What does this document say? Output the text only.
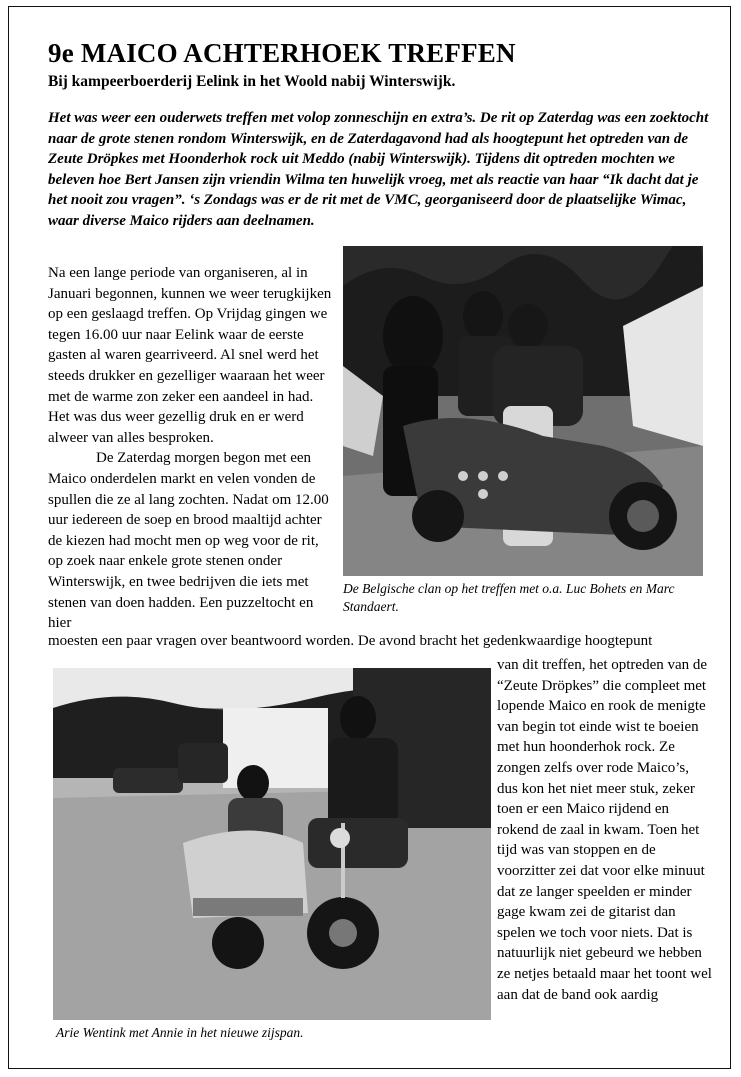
9e MAICO ACHTERHOEK TREFFEN
Bij kampeerboerderij Eelink in het Woold nabij Winterswijk.

Het was weer een ouderwets treffen met volop zonneschijn en extra’s. De rit op Zaterdag was een zoektocht naar de grote stenen rondom Winterswijk, en de Zaterdagavond had als hoogtepunt het optreden van de Zeute Dröpkes met Hoonderhok rock uit Meddo (nabij Winterswijk). Tijdens dit optreden mochten we beleven hoe Bert Jansen zijn vriendin Wilma ten huwelijk vroeg, met als reactie van haar “Ik dacht dat je het nooit zou vragen”. ‘s Zondags was er de rit met de VMC, georganiseerd door de plaatselijke Wimac, waar diverse Maico rijders aan deelnamen.

Na een lange periode van organiseren, al in Januari begonnen, kunnen we weer terugkijken op een geslaagd treffen. Op Vrijdag gingen we tegen 16.00 uur naar Eelink waar de eerste gasten al waren gearriveerd. Al snel werd het steeds drukker en gezelliger waaraan het weer met de warme zon zeker een aandeel in had. Het was dus weer gezellig druk en er werd alweer van alles besproken.

De Zaterdag morgen begon met een Maico onderdelen markt en velen vonden de spullen die ze al lang zochten. Nadat om 12.00 uur iedereen de soep en brood maaltijd achter de kiezen had mocht men op weg voor de rit, op zoek naar enkele grote stenen onder Winterswijk, en twee bedrijven die iets met stenen van doen hadden. Een puzzeltocht en hier

De Belgische clan op het treffen met o.a. Luc Bohets en Marc Standaert.

moesten een paar vragen over beantwoord worden. De avond bracht het gedenkwaardige hoogtepunt

Arie Wentink met Annie in het nieuwe zijspan.

van dit treffen, het optreden van de “Zeute Dröpkes” die compleet met lopende Maico en rook de menigte van begin tot einde wist te boeien met hun hoonderhok rock. Ze zongen zelfs over rode Maico’s, dus kon het niet meer stuk, zeker toen er een Maico rijdend en rokend de zaal in kwam. Toen het tijd was van stoppen en de voorzitter zei dat voor elke minuut dat ze langer speelden er minder gage kwam zei de gitarist dan spelen we toch voor niets. Dat is natuurlijk niet gebeurd we hebben ze netjes betaald maar het toont wel aan dat de band ook aardig
